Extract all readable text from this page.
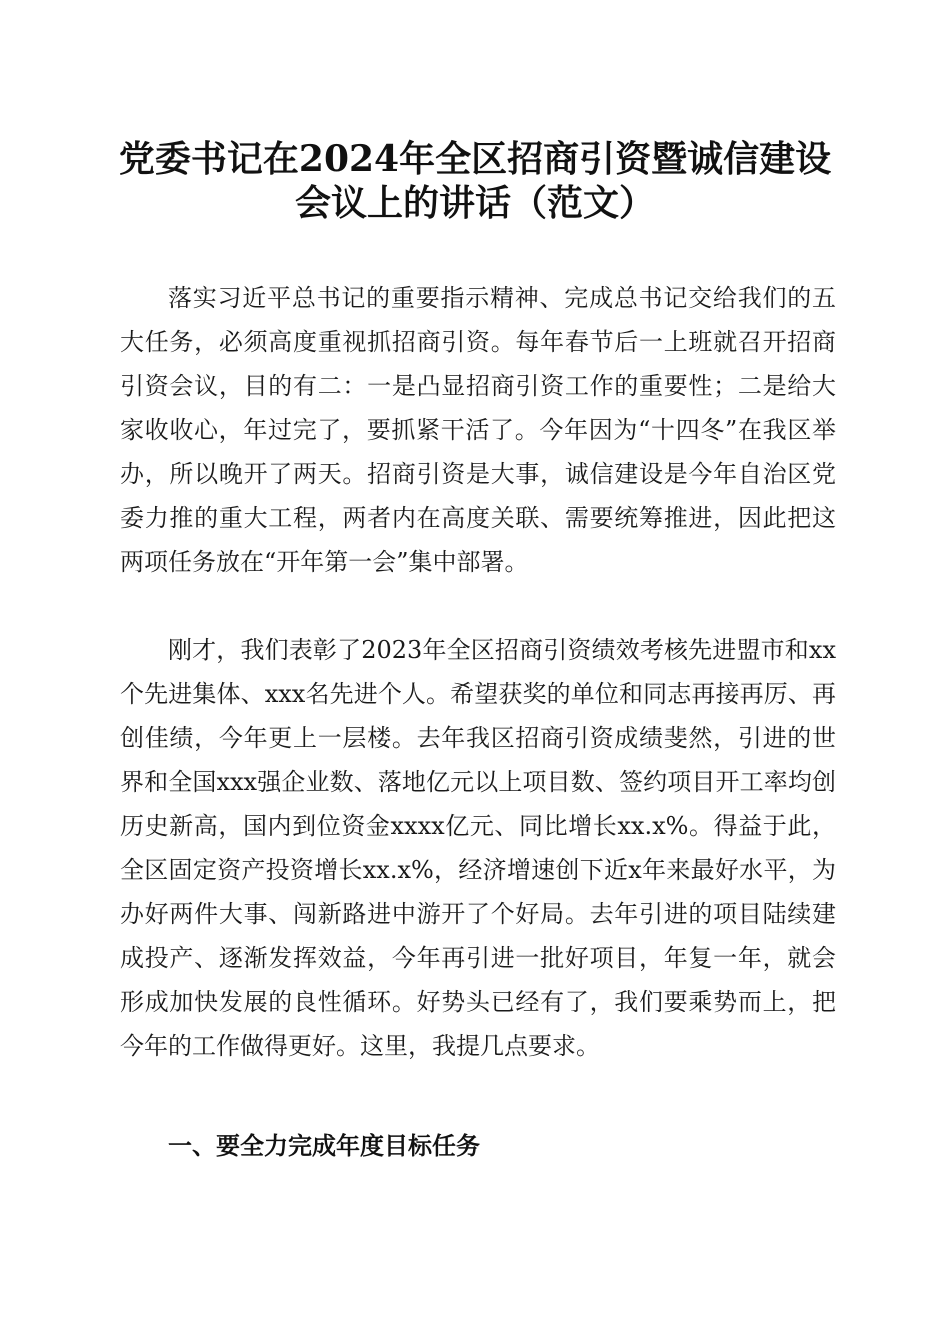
党委书记在2024年全区招商引资暨诚信建设
会议上的讲话（范文）

落实习近平总书记的重要指示精神、完成总书记交给我们的五大任务，必须高度重视抓招商引资。每年春节后一上班就召开招商引资会议，目的有二：一是凸显招商引资工作的重要性；二是给大家收收心，年过完了，要抓紧干活了。今年因为“十四冬”在我区举办，所以晚开了两天。招商引资是大事，诚信建设是今年自治区党委力推的重大工程，两者内在高度关联、需要统筹推进，因此把这两项任务放在“开年第一会”集中部署。

刚才，我们表彰了2023年全区招商引资绩效考核先进盟市和xx个先进集体、xxx名先进个人。希望获奖的单位和同志再接再厉、再创佳绩，今年更上一层楼。去年我区招商引资成绩斐然，引进的世界和全国xxx强企业数、落地亿元以上项目数、签约项目开工率均创历史新高，国内到位资金xxxx亿元、同比增长xx.x%。得益于此，全区固定资产投资增长xx.x%，经济增速创下近x年来最好水平，为办好两件大事、闯新路进中游开了个好局。去年引进的项目陆续建成投产、逐渐发挥效益，今年再引进一批好项目，年复一年，就会形成加快发展的良性循环。好势头已经有了，我们要乘势而上，把今年的工作做得更好。这里，我提几点要求。

一、要全力完成年度目标任务
